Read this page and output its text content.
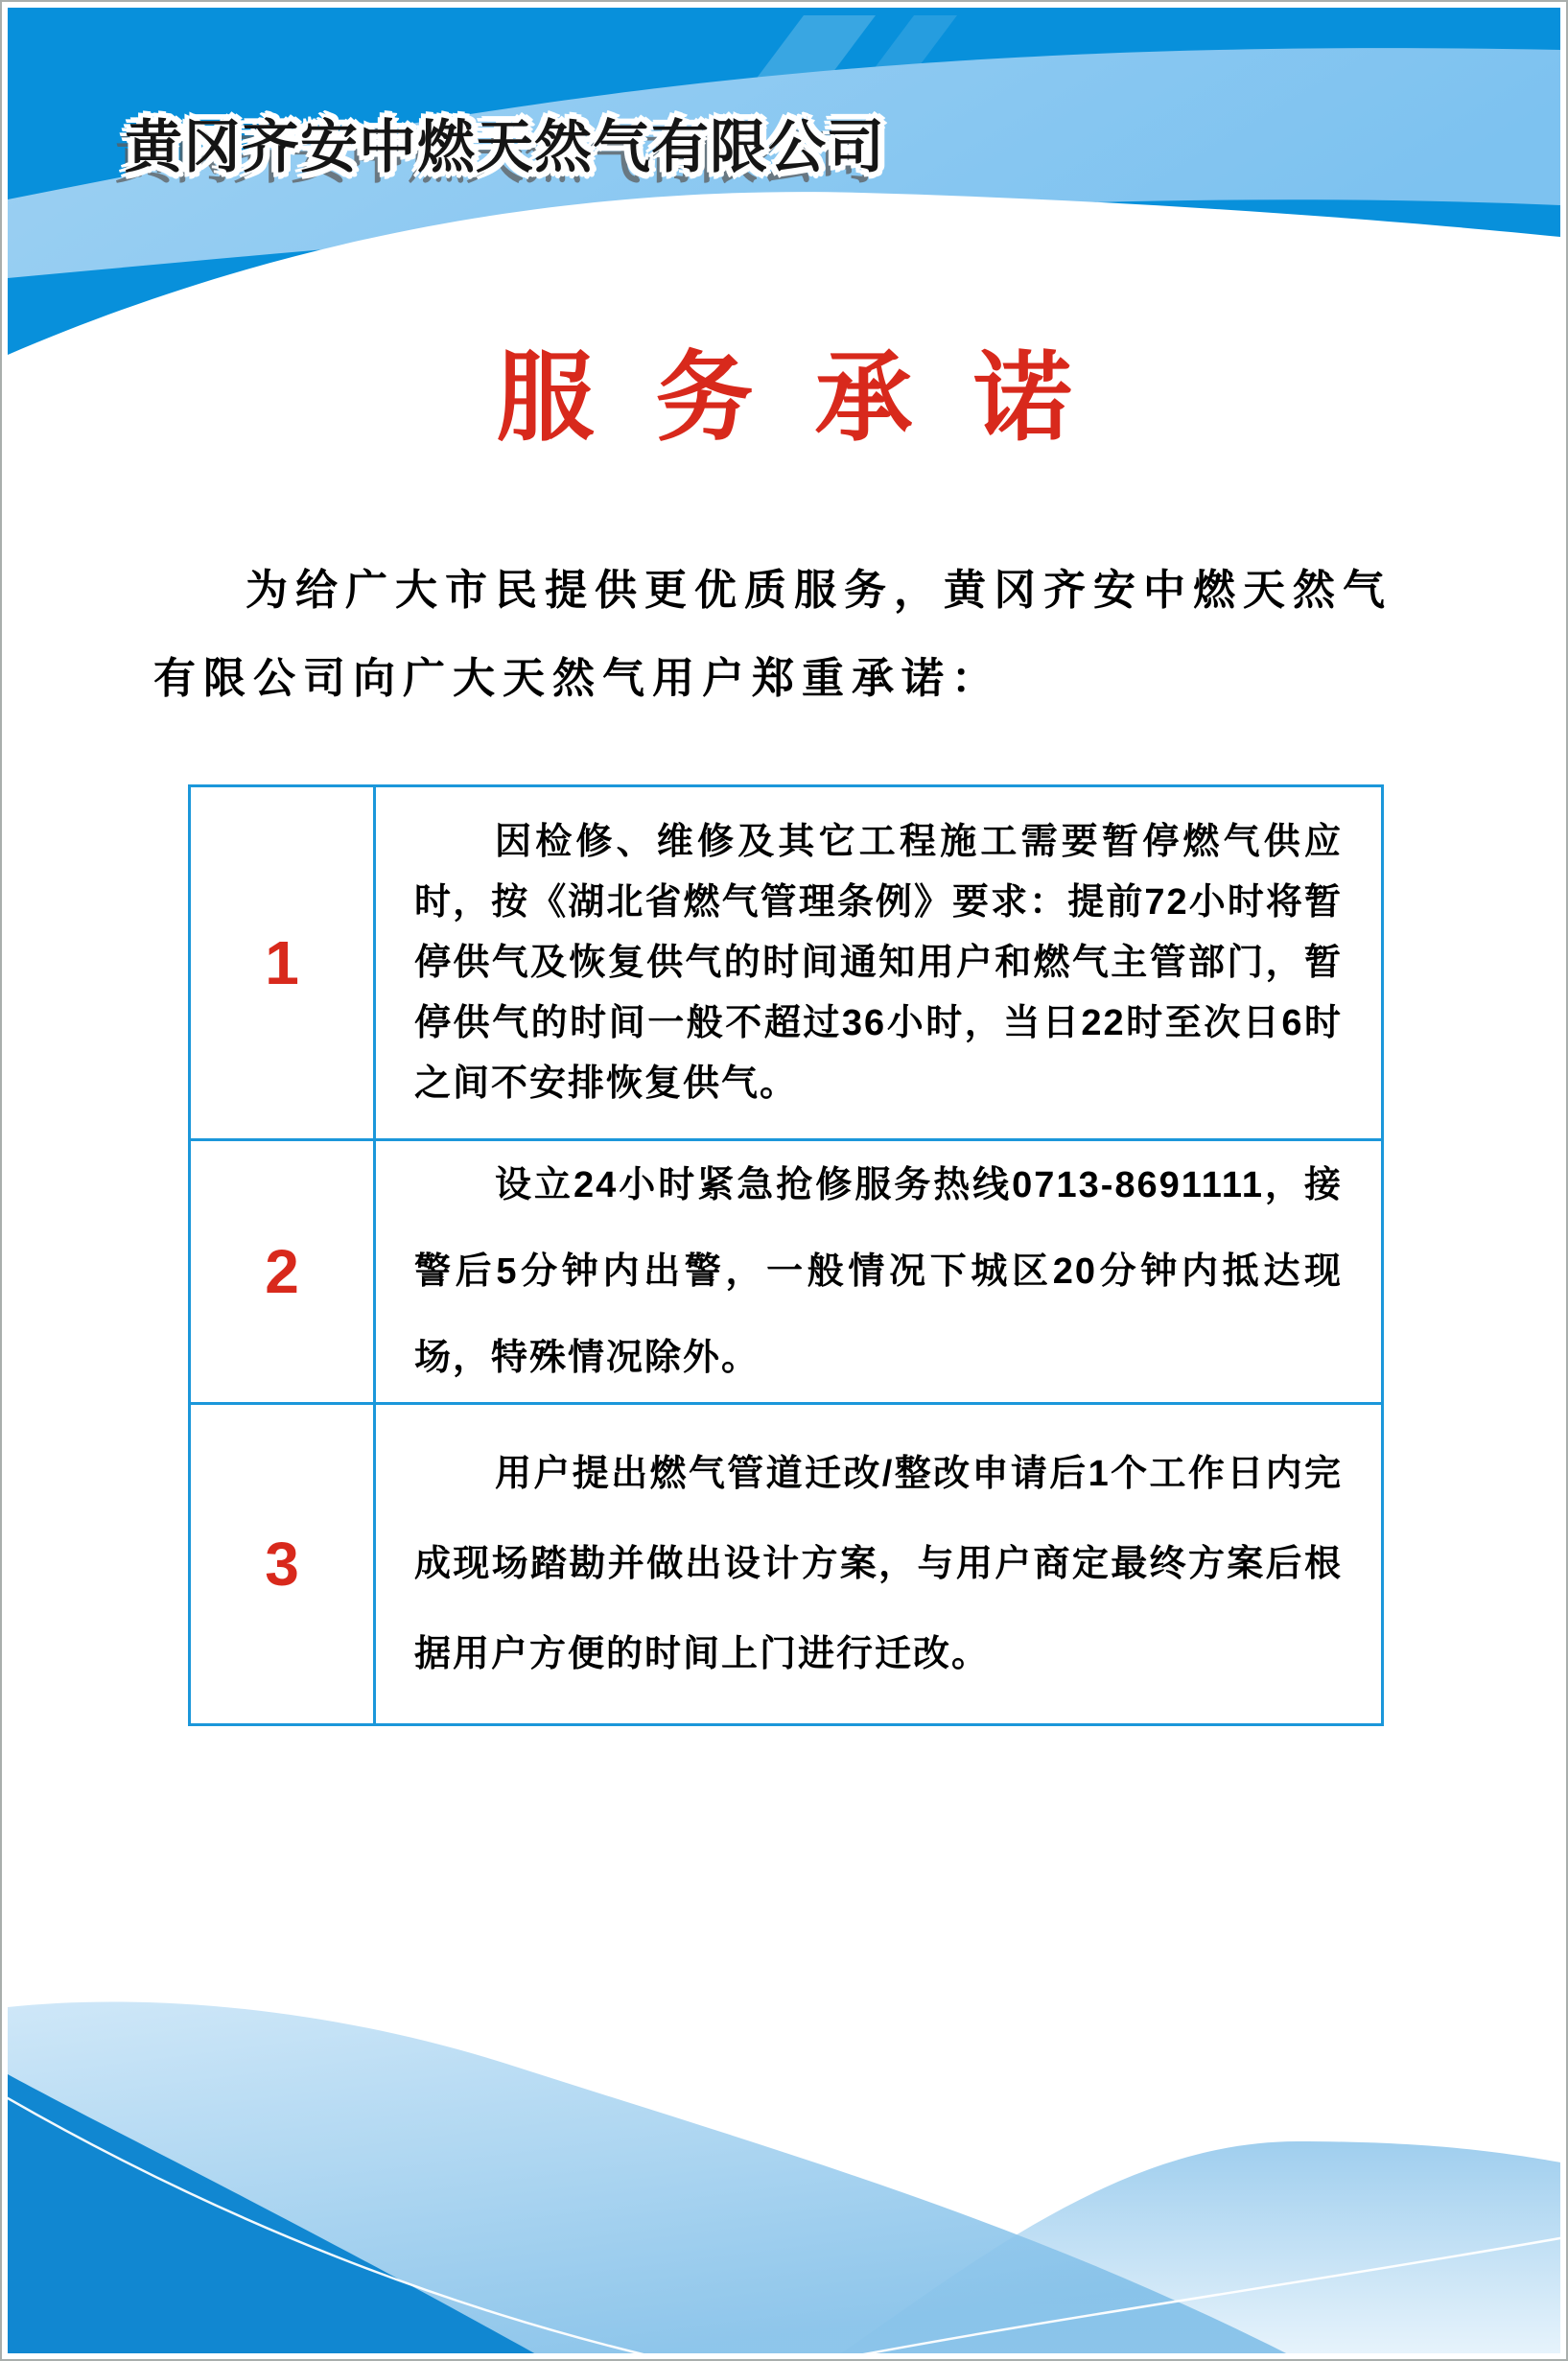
黄冈齐安中燃天然气有限公司
服务承诺
为给广大市民提供更优质服务，黄冈齐安中燃天然气
有限公司向广大天然气用户郑重承诺：
1

因检修、维修及其它工程施工需要暂停燃气供应时，按《湖北省燃气管理条例》要求：提前72小时将暂停供气及恢复供气的时间通知用户和燃气主管部门，暂停供气的时间一般不超过36小时，当日22时至次日6时之间不安排恢复供气。

2

设立24小时紧急抢修服务热线0713-8691111，接警后5分钟内出警，一般情况下城区20分钟内抵达现场，特殊情况除外。

3

用户提出燃气管道迁改/整改申请后1个工作日内完成现场踏勘并做出设计方案，与用户商定最终方案后根据用户方便的时间上门进行迁改。
